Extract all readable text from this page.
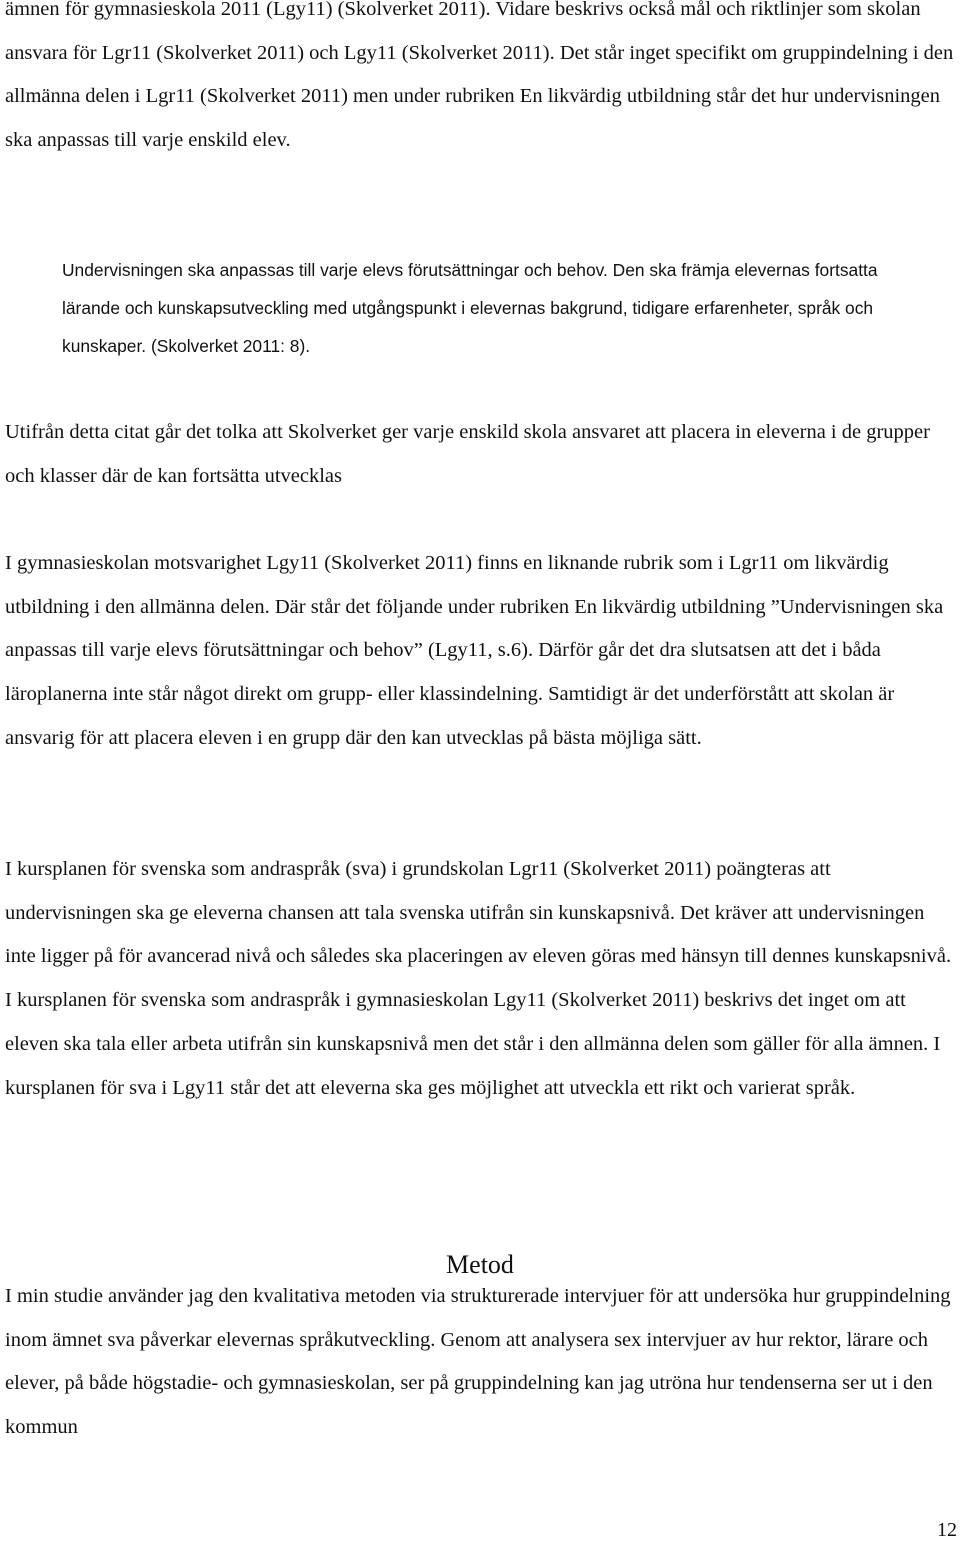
ämnen för gymnasieskola 2011 (Lgy11) (Skolverket 2011). Vidare beskrivs också mål och riktlinjer som skolan ansvara för Lgr11 (Skolverket 2011) och Lgy11 (Skolverket 2011). Det står inget specifikt om gruppindelning i den allmänna delen i Lgr11 (Skolverket 2011) men under rubriken En likvärdig utbildning står det hur undervisningen ska anpassas till varje enskild elev.

Undervisningen ska anpassas till varje elevs förutsättningar och behov. Den ska främja elevernas fortsatta lärande och kunskapsutveckling med utgångspunkt i elevernas bakgrund, tidigare erfarenheter, språk och kunskaper. (Skolverket 2011: 8).

Utifrån detta citat går det tolka att Skolverket ger varje enskild skola ansvaret att placera in eleverna i de grupper och klasser där de kan fortsätta utvecklas

I gymnasieskolan motsvarighet Lgy11 (Skolverket 2011) finns en liknande rubrik som i Lgr11 om likvärdig utbildning i den allmänna delen. Där står det följande under rubriken En likvärdig utbildning ”Undervisningen ska anpassas till varje elevs förutsättningar och behov” (Lgy11, s.6). Därför går det dra slutsatsen att det i båda läroplanerna inte står något direkt om grupp- eller klassindelning. Samtidigt är det underförstått att skolan är ansvarig för att placera eleven i en grupp där den kan utvecklas på bästa möjliga sätt.

I kursplanen för svenska som andraspråk (sva) i grundskolan Lgr11 (Skolverket 2011) poängteras att undervisningen ska ge eleverna chansen att tala svenska utifrån sin kunskapsnivå. Det kräver att undervisningen inte ligger på för avancerad nivå och således ska placeringen av eleven göras med hänsyn till dennes kunskapsnivå. I kursplanen för svenska som andraspråk i gymnasieskolan Lgy11 (Skolverket 2011) beskrivs det inget om att eleven ska tala eller arbeta utifrån sin kunskapsnivå men det står i den allmänna delen som gäller för alla ämnen. I kursplanen för sva i Lgy11 står det att eleverna ska ges möjlighet att utveckla ett rikt och varierat språk.

Metod

I min studie använder jag den kvalitativa metoden via strukturerade intervjuer för att undersöka hur gruppindelning inom ämnet sva påverkar elevernas språkutveckling. Genom att analysera sex intervjuer av hur rektor, lärare och elever, på både högstadie- och gymnasieskolan, ser på gruppindelning kan jag utröna hur tendenserna ser ut i den kommun

12
